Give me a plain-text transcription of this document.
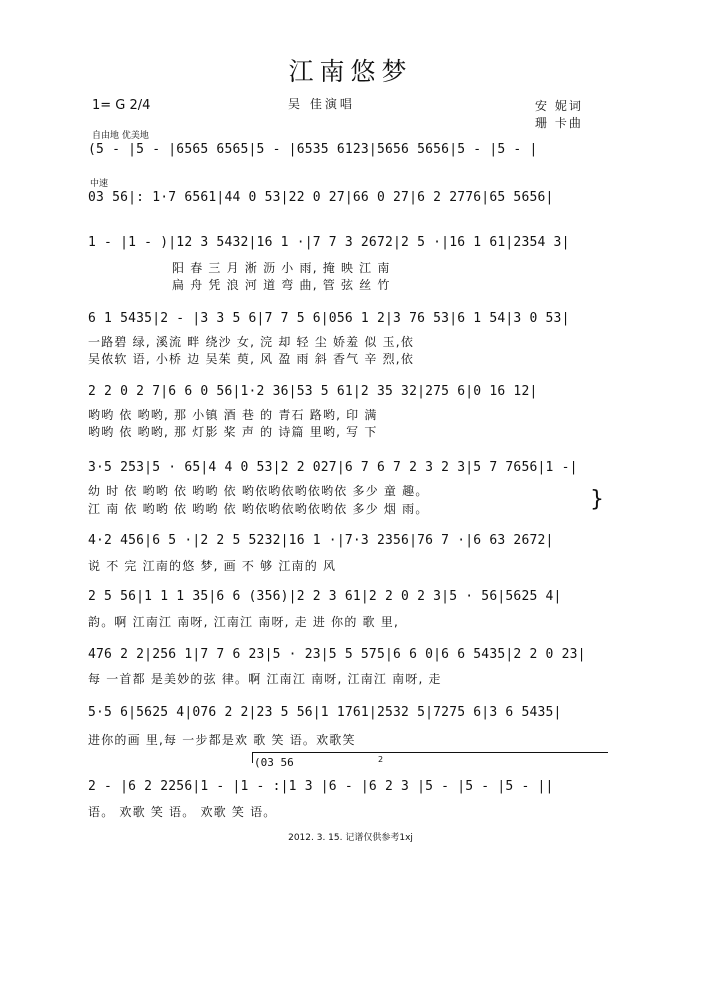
江南悠梦
1= G 2/4	吴 佳演唱	安 妮词
珊 卡曲
自由地 优美地
中速
(5 - |5 - |6565 6565|5 - |6535 6123|5656 5656|5 - |5 - |
03 56|: 1·7 6561|44 0 53|22 0 27|66 0 27|6 2 2776|65 5656|
1 - |1 - )|12 3 5432|16 1 ·|7 7 3 2672|2 5 ·|16 1 61|2354 3|
阳 春 三 月 淅 沥 小 雨, 掩 映 江 南
扁 舟 凭 浪 河 道 弯 曲, 管 弦 丝 竹
6 1 5435|2 - |3 3 5 6|7 7 5 6|056 1 2|3 76 53|6 1 54|3 0 53|
一路碧 绿, 溪流 畔 绕沙 女, 浣 却 轻 尘 娇羞 似 玉,依
吴侬软 语, 小桥 边 吴茱 萸, 风 盈 雨 斜 香气 辛 烈,依
2 2 0 2 7|6 6 0 56|1·2 36|53 5 61|2 35 32|275 6|0 16 12|
哟哟 依 哟哟, 那 小镇 酒 巷 的 青石 路哟, 印 满
哟哟 依 哟哟, 那 灯影 桨 声 的 诗篇 里哟, 写 下
3·5 253|5 · 65|4 4 0 53|2 2 027|6 7 6 7 2 3 2 3|5 7 7656|1 -|
幼 时 依 哟哟 依 哟哟 依 哟依哟依哟依哟依 多少 童 趣。
江 南 依 哟哟 依 哟哟 依 哟依哟依哟依哟依 多少 烟 雨。	}
4·2 456|6 5 ·|2 2 5 5232|16 1 ·|7·3 2356|76 7 ·|6 63 2672|
说 不 完 江南的悠 梦, 画 不 够 江南的 风
2 5 56|1 1 1 35|6 6 (356)|2 2 3 61|2 2 0 2 3|5 · 56|5625 4|
韵。啊 江南江 南呀, 江南江 南呀, 走 进 你的 歌 里,
476 2 2|256 1|7 7 6 23|5 · 23|5 5 575|6 6 0|6 6 5435|2 2 0 23|
每 一首都 是美妙的弦 律。啊 江南江 南呀, 江南江 南呀, 走
5·5 6|5625 4|076 2 2|23 5 56|1 1761|2532 5|7275 6|3 6 5435|
进你的画 里,每 一步都是欢 歌 笑 语。欢歌笑
(03 56	2
2 - |6 2 2256|1 - |1 - :|1 3 |6 - |6 2 3 |5 - |5 - |5 - ||
语。 欢歌 笑 语。 欢歌 笑 语。
2012. 3. 15. 记谱仅供参考1xj
